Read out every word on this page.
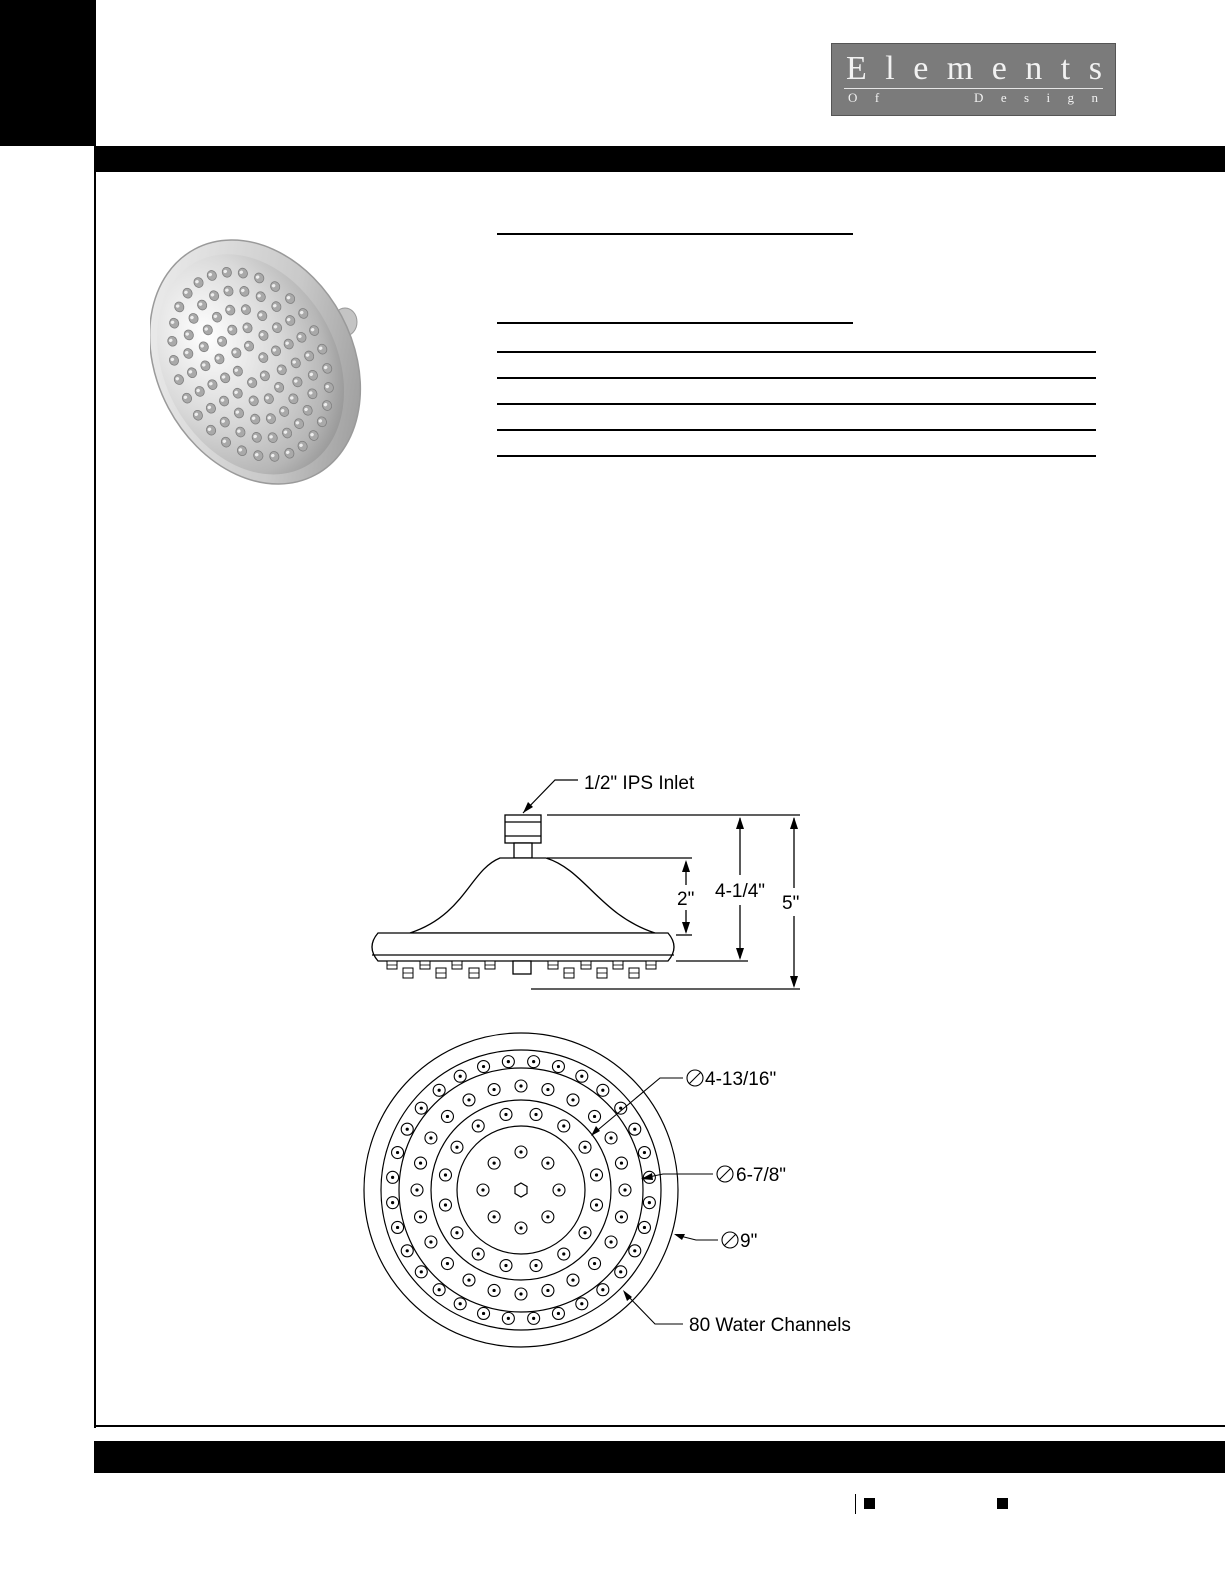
E l e m e n t s
O f	D e s i g n
1/2" IPS Inlet
2" 4-1/4"
5"
4-13/16"
6-7/8"
9"
80 Water Channels
